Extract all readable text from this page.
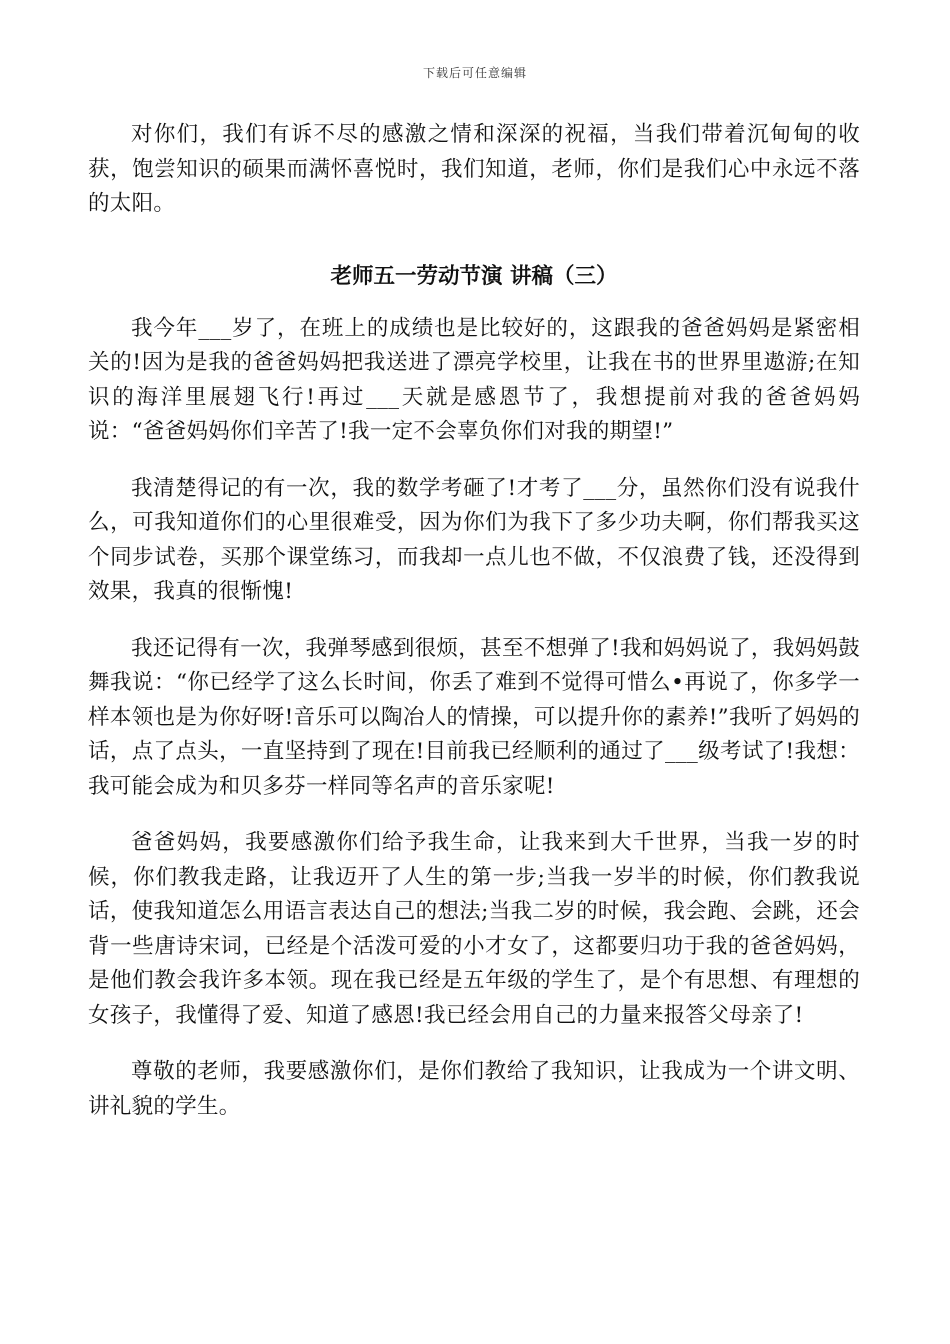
下载后可任意编辑

对你们，我们有诉不尽的感激之情和深深的祝福，当我们带着沉甸甸的收获，饱尝知识的硕果而满怀喜悦时，我们知道，老师，你们是我们心中永远不落的太阳。

老师五一劳动节演 讲稿（三）

我今年___岁了，在班上的成绩也是比较好的，这跟我的爸爸妈妈是紧密相关的!因为是我的爸爸妈妈把我送进了漂亮学校里，让我在书的世界里遨游;在知识的海洋里展翅飞行!再过___天就是感恩节了，我想提前对我的爸爸妈妈说：“爸爸妈妈你们辛苦了!我一定不会辜负你们对我的期望!”

我清楚得记的有一次，我的数学考砸了!才考了___分，虽然你们没有说我什么，可我知道你们的心里很难受，因为你们为我下了多少功夫啊，你们帮我买这个同步试卷，买那个课堂练习，而我却一点儿也不做，不仅浪费了钱，还没得到效果，我真的很惭愧!

我还记得有一次，我弹琴感到很烦，甚至不想弹了!我和妈妈说了，我妈妈鼓舞我说：“你已经学了这么长时间，你丢了难到不觉得可惜么•再说了，你多学一样本领也是为你好呀!音乐可以陶冶人的情操，可以提升你的素养!”我听了妈妈的话，点了点头，一直坚持到了现在!目前我已经顺利的通过了___级考试了!我想：我可能会成为和贝多芬一样同等名声的音乐家呢!

爸爸妈妈，我要感激你们给予我生命，让我来到大千世界，当我一岁的时候，你们教我走路，让我迈开了人生的第一步;当我一岁半的时候，你们教我说话，使我知道怎么用语言表达自己的想法;当我二岁的时候，我会跑、会跳，还会背一些唐诗宋词，已经是个活泼可爱的小才女了，这都要归功于我的爸爸妈妈，是他们教会我许多本领。现在我已经是五年级的学生了，是个有思想、有理想的女孩子，我懂得了爱、知道了感恩!我已经会用自己的力量来报答父母亲了!

尊敬的老师，我要感激你们，是你们教给了我知识，让我成为一个讲文明、讲礼貌的学生。
